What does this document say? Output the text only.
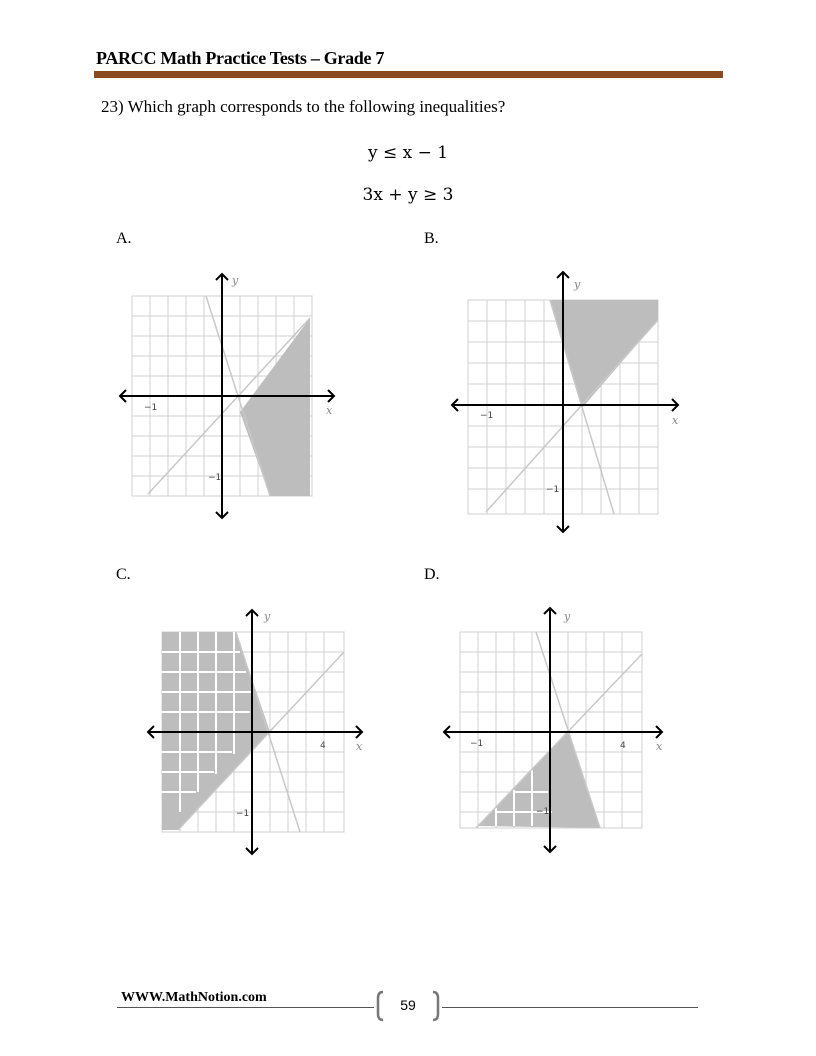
PARCC Math Practice Tests – Grade 7
23) Which graph corresponds to the following inequalities?
y ≤ x − 1
3x + y ≥ 3
A.	B.
C.	D.
x
y
−1
−1
x
y
−1
−1
x
y
4
−1
x
y
−1	4
−1
WWW.MathNotion.com	59
